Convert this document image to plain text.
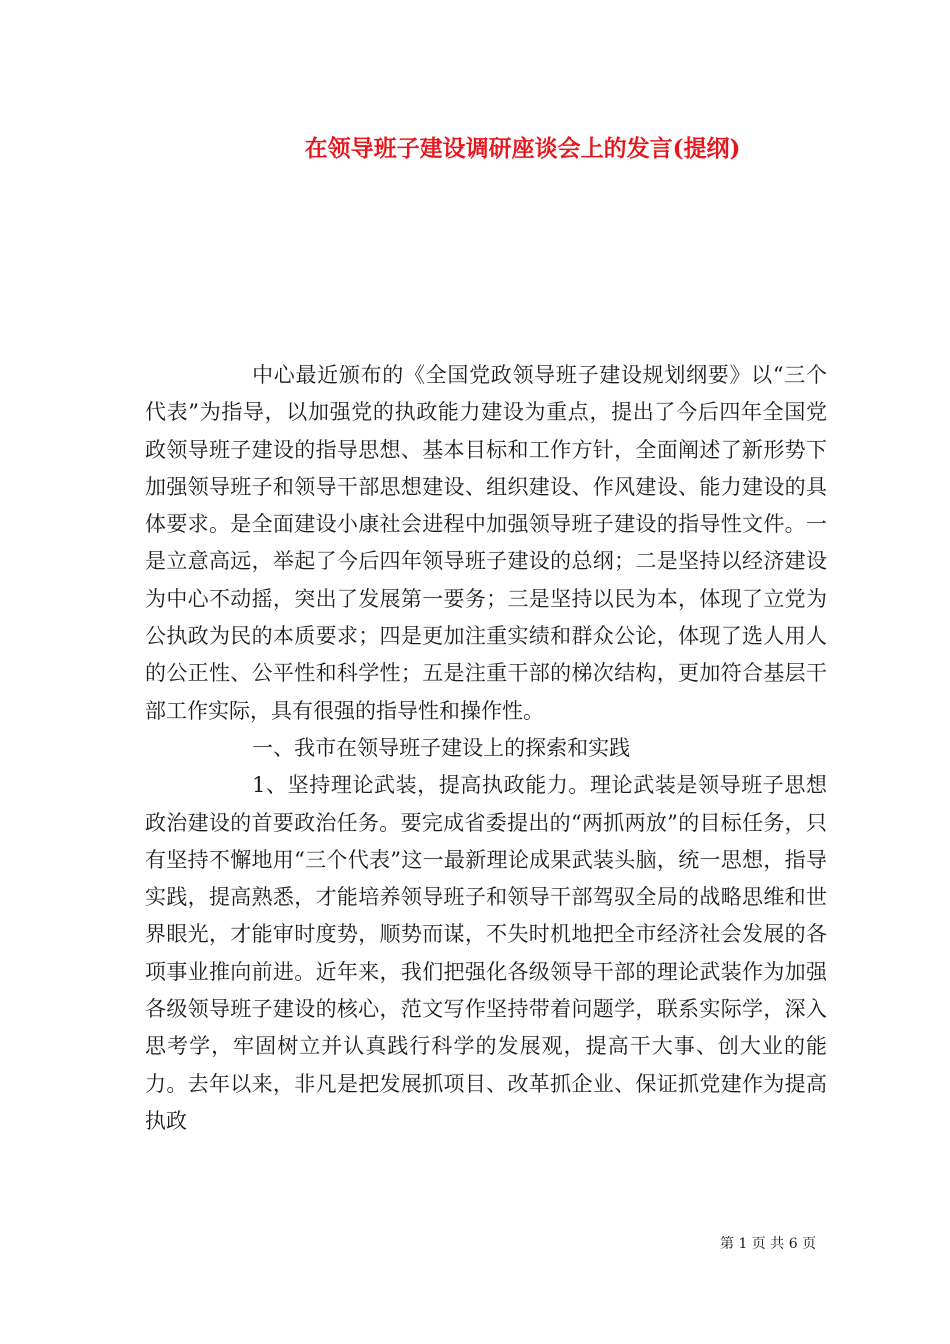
在领导班子建设调研座谈会上的发言(提纲)

中心最近颁布的《全国党政领导班子建设规划纲要》以“三个代表”为指导，以加强党的执政能力建设为重点，提出了今后四年全国党政领导班子建设的指导思想、基本目标和工作方针，全面阐述了新形势下加强领导班子和领导干部思想建设、组织建设、作风建设、能力建设的具体要求。是全面建设小康社会进程中加强领导班子建设的指导性文件。一是立意高远，举起了今后四年领导班子建设的总纲；二是坚持以经济建设为中心不动摇，突出了发展第一要务；三是坚持以民为本，体现了立党为公执政为民的本质要求；四是更加注重实绩和群众公论，体现了选人用人的公正性、公平性和科学性；五是注重干部的梯次结构，更加符合基层干部工作实际，具有很强的指导性和操作性。

一、我市在领导班子建设上的探索和实践

1、坚持理论武装，提高执政能力。理论武装是领导班子思想政治建设的首要政治任务。要完成省委提出的“两抓两放”的目标任务，只有坚持不懈地用“三个代表”这一最新理论成果武装头脑，统一思想，指导实践，提高熟悉，才能培养领导班子和领导干部驾驭全局的战略思维和世界眼光，才能审时度势，顺势而谋，不失时机地把全市经济社会发展的各项事业推向前进。近年来，我们把强化各级领导干部的理论武装作为加强各级领导班子建设的核心，范文写作坚持带着问题学，联系实际学，深入思考学，牢固树立并认真践行科学的发展观，提高干大事、创大业的能力。去年以来，非凡是把发展抓项目、改革抓企业、保证抓党建作为提高执政

第 1 页 共 6 页
